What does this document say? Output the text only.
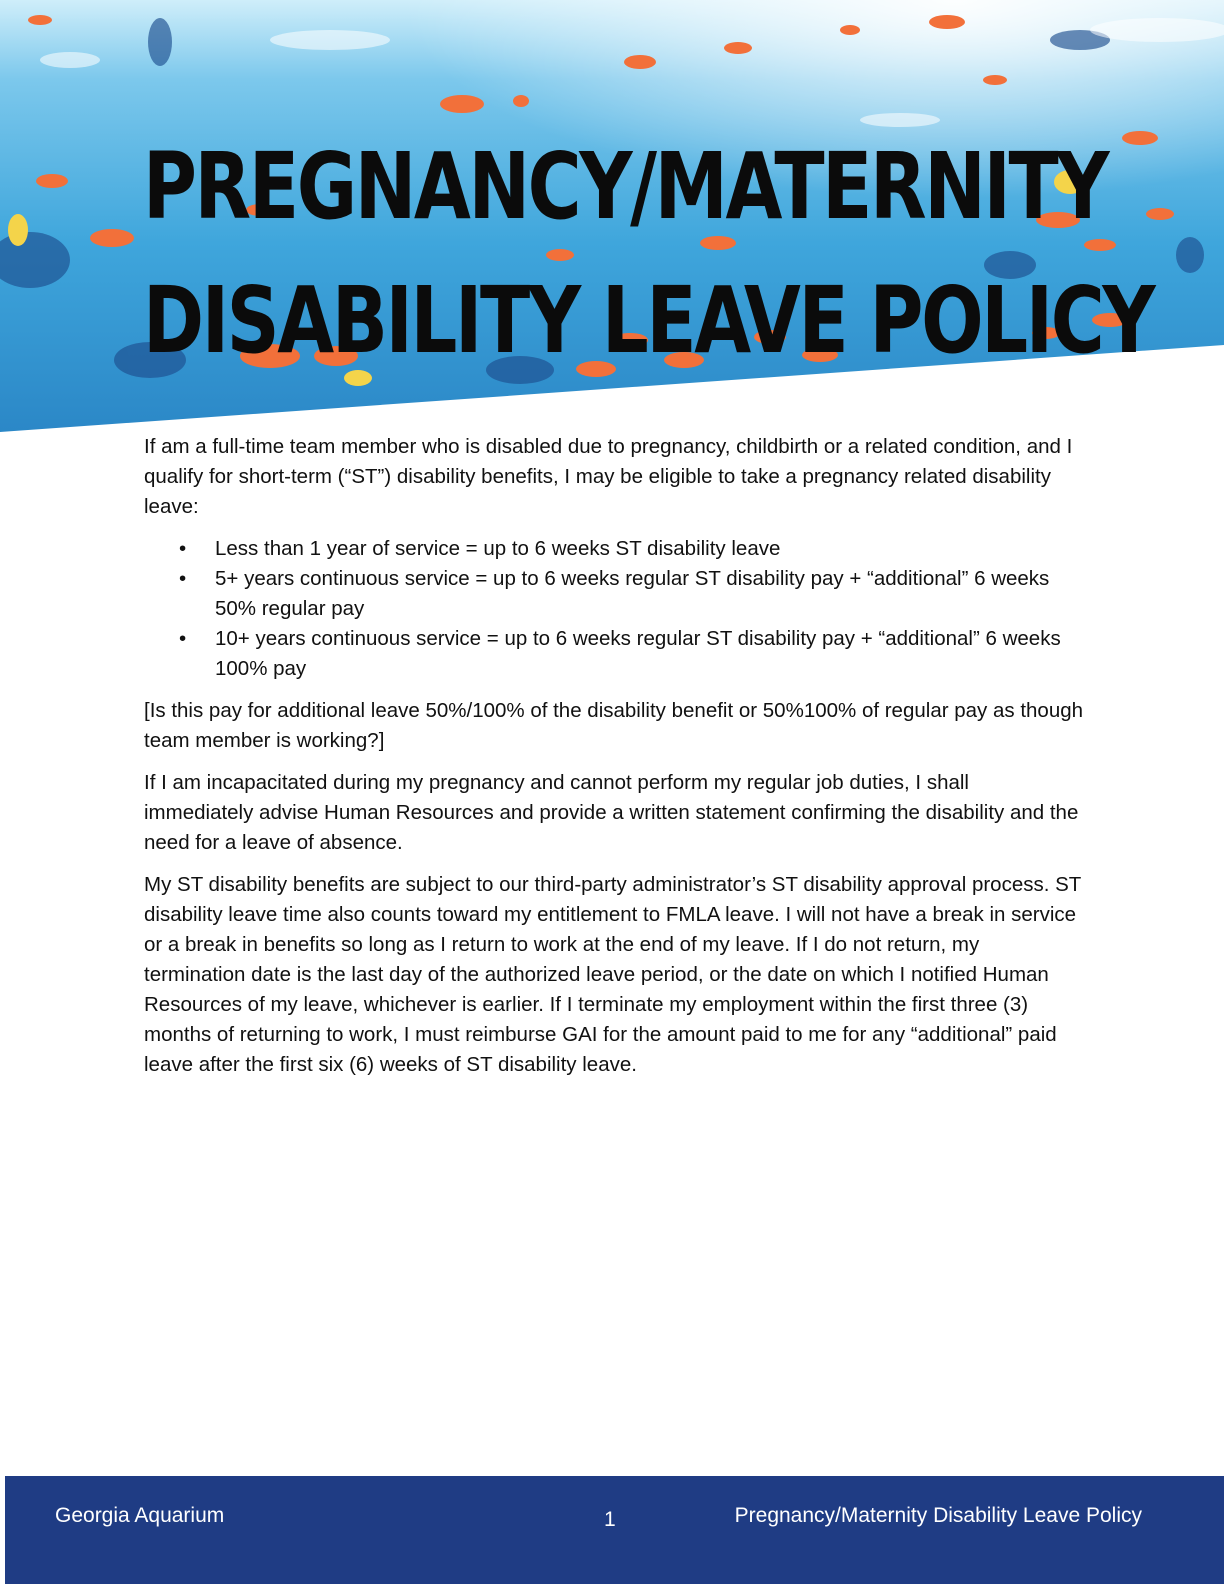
PREGNANCY/MATERNITY
DISABILITY LEAVE POLICY

If am a full-time team member who is disabled due to pregnancy, childbirth or a related condition, and I qualify for short-term (“ST”) disability benefits, I may be eligible to take a pregnancy related disability leave:

• Less than 1 year of service = up to 6 weeks ST disability leave
• 5+ years continuous service = up to 6 weeks regular ST disability pay + “additional” 6 weeks 50% regular pay
• 10+ years continuous service = up to 6 weeks regular ST disability pay + “additional” 6 weeks 100% pay

[Is this pay for additional leave 50%/100% of the disability benefit or 50%100% of regular pay as though team member is working?]

If I am incapacitated during my pregnancy and cannot perform my regular job duties, I shall immediately advise Human Resources and provide a written statement confirming the disability and the need for a leave of absence.

My ST disability benefits are subject to our third-party administrator’s ST disability approval process. ST disability leave time also counts toward my entitlement to FMLA leave. I will not have a break in service or a break in benefits so long as I return to work at the end of my leave. If I do not return, my termination date is the last day of the authorized leave period, or the date on which I notified Human Resources of my leave, whichever is earlier. If I terminate my employment within the first three (3) months of returning to work, I must reimburse GAI for the amount paid to me for any “additional” paid leave after the first six (6) weeks of ST disability leave.

Georgia Aquarium	1	Pregnancy/Maternity Disability Leave Policy
